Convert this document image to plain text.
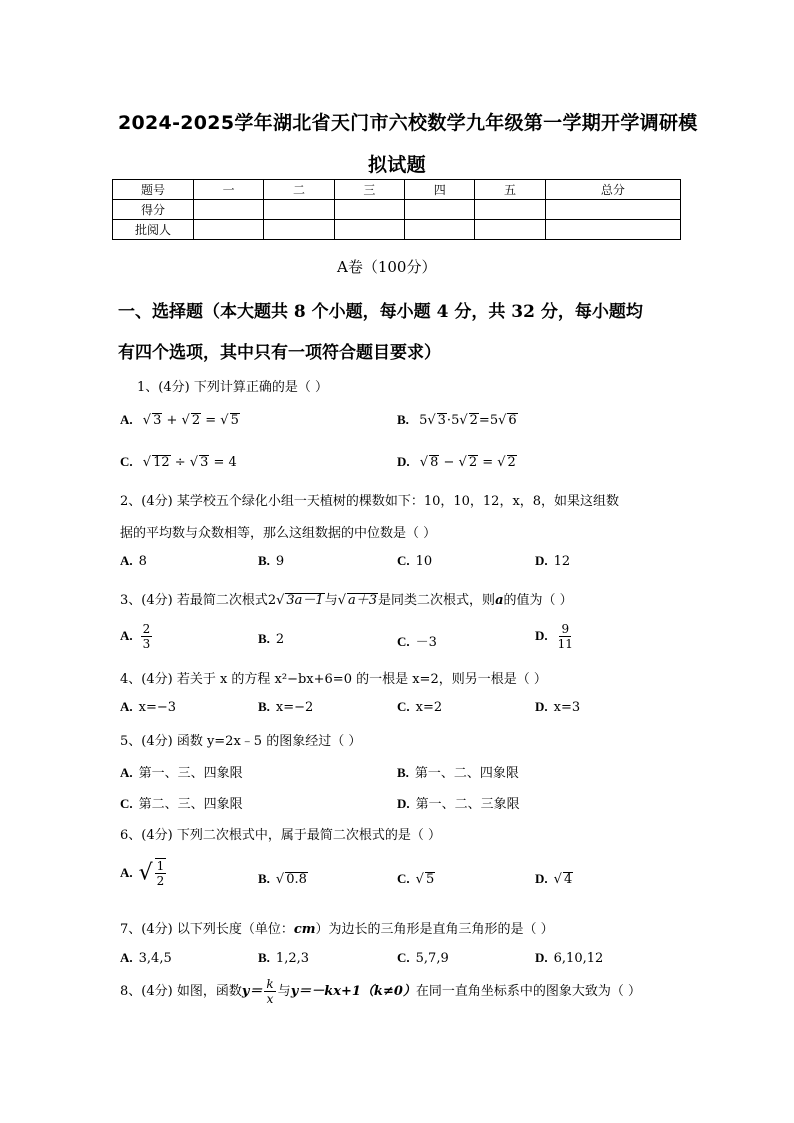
2024-2025学年湖北省天门市六校数学九年级第一学期开学调研模
拟试题
题号	一	二	三	四	五	总分
得分						
批阅人						
A卷（100分）
一、选择题（本大题共 8 个小题，每小题 4 分，共 32 分，每小题均
有四个选项，其中只有一项符合题目要求）
1、(4分) 下列计算正确的是（ ）
A. √ 3 + √ 2 = √ 5	B. 5√ 3·5√ 2=5√ 6
C. √ 12 ÷ √ 3 = 4	D. √ 8 − √ 2 = √ 2
2、(4分) 某学校五个绿化小组一天植树的棵数如下：10，10，12，x，8，如果这组数
据的平均数与众数相等，那么这组数据的中位数是（ ）
A. 8	B. 9	C. 10	D. 12
3、(4分) 若最简二次根式2√ 3a－1与√ a＋3是同类二次根式，则a的值为（ ）
A. $\frac{2}{3}$	B. 2	C. －3	D. $\frac{9}{11}$
4、(4分) 若关于 x 的方程 x²−bx+6=0 的一根是 x=2，则另一根是（ ）
A. x=−3	B. x=−2	C. x=2	D. x=3
5、(4分) 函数 y=2x﹣5 的图象经过（ ）
A. 第一、三、四象限	B. 第一、二、四象限
C. 第二、三、四象限	D. 第一、二、三象限
6、(4分) 下列二次根式中，属于最简二次根式的是（ ）
A. √ $\frac{1}{2}$	B. √ 0.8	C. √ 5	D. √ 4
7、(4分) 以下列长度（单位：cm）为边长的三角形是直角三角形的是（ ）
A. 3,4,5	B. 1,2,3	C. 5,7,9	D. 6,10,12
8、(4分) 如图，函数$y= \frac{k}{x}$ 与y＝－kx+1（k≠0）在同一直角坐标系中的图象大致为（ ）
